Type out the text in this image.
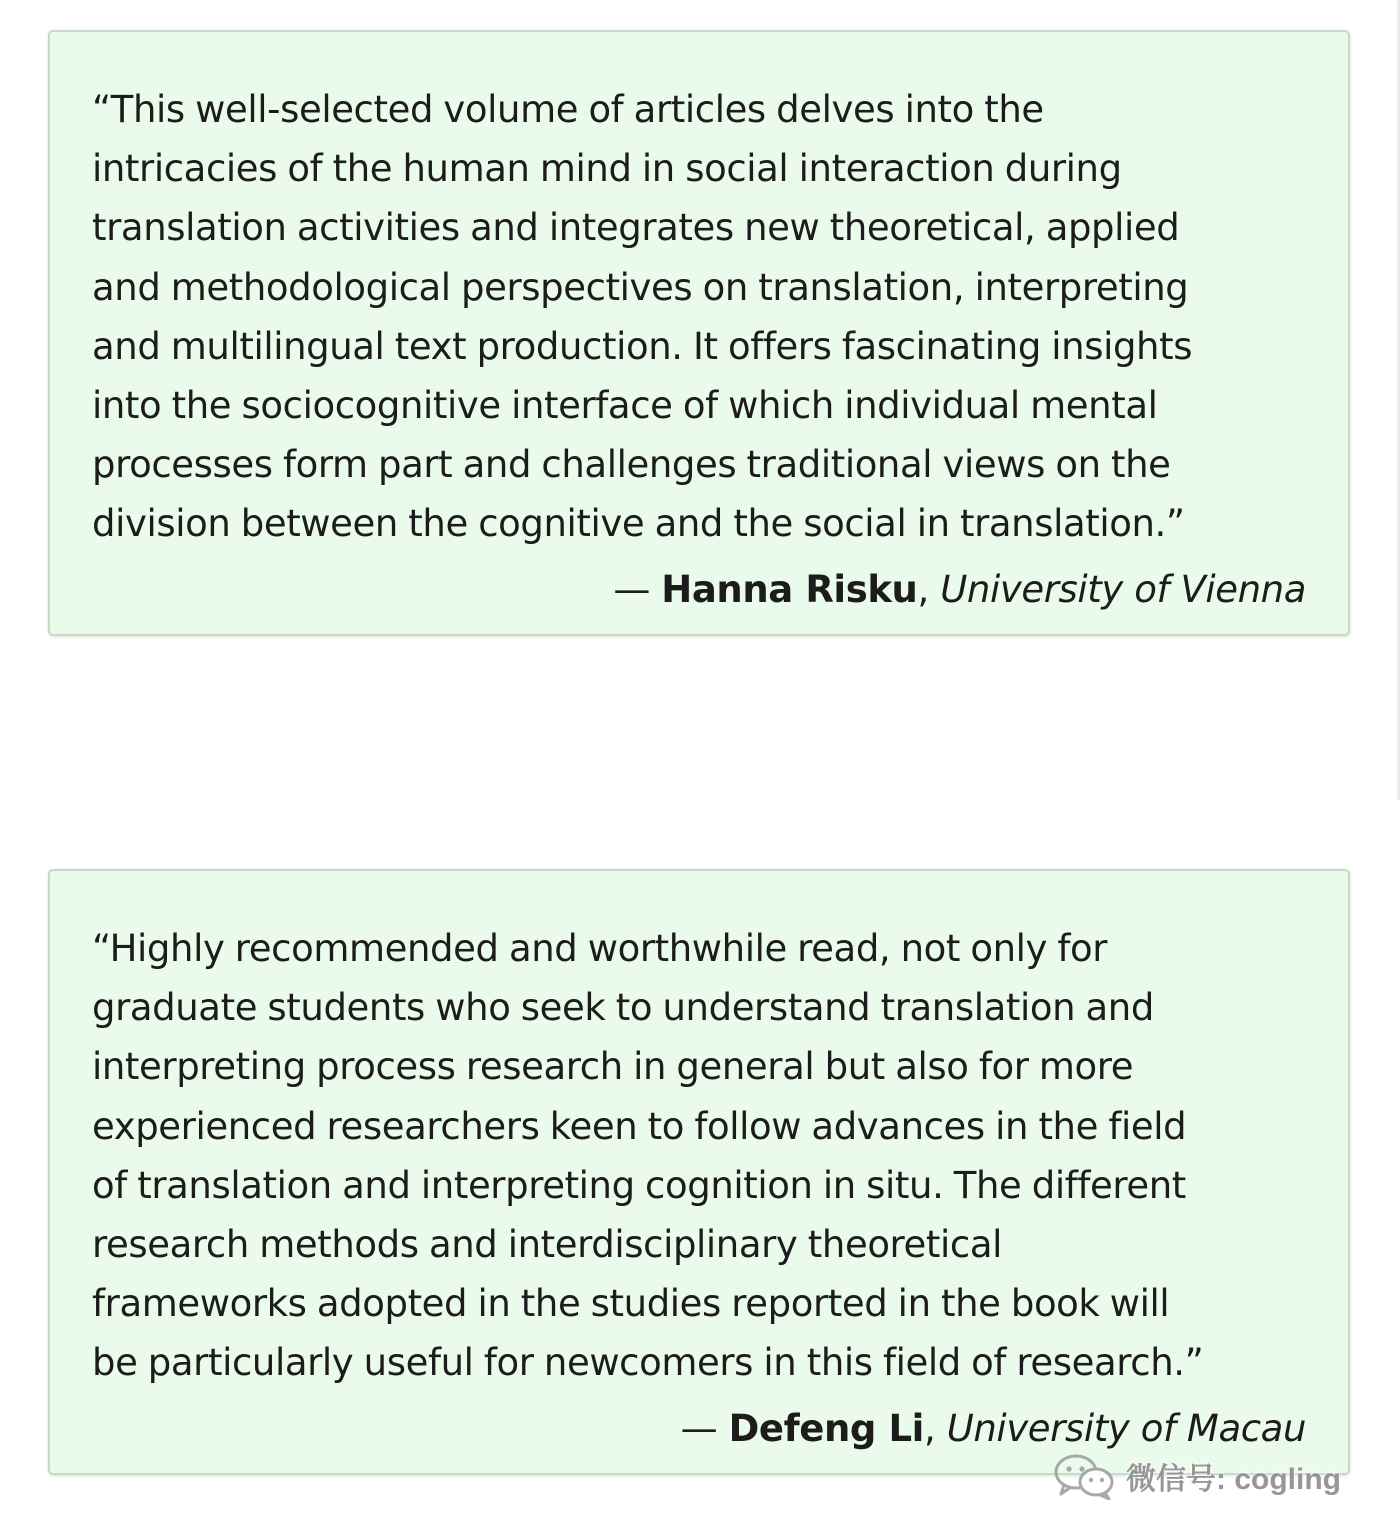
“This well-selected volume of articles delves into the
intricacies of the human mind in social interaction during
translation activities and integrates new theoretical, applied
and methodological perspectives on translation, interpreting
and multilingual text production. It offers fascinating insights
into the sociocognitive interface of which individual mental
processes form part and challenges traditional views on the
division between the cognitive and the social in translation.”

— Hanna Risku, University of Vienna

“Highly recommended and worthwhile read, not only for
graduate students who seek to understand translation and
interpreting process research in general but also for more
experienced researchers keen to follow advances in the field
of translation and interpreting cognition in situ. The different
research methods and interdisciplinary theoretical
frameworks adopted in the studies reported in the book will
be particularly useful for newcomers in this field of research.”

— Defeng Li, University of Macau

微信号: cogling
